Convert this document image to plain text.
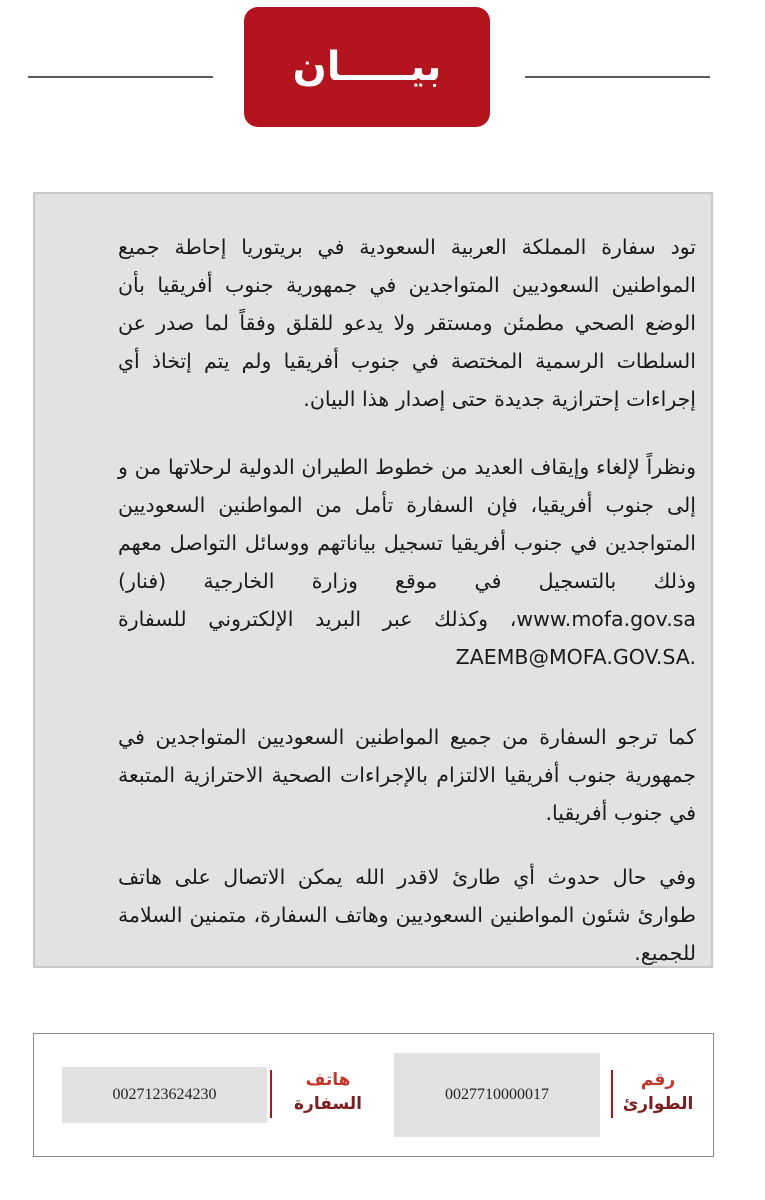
بيـــــان

تود سفارة المملكة العربية السعودية في بريتوريا إحاطة جميع المواطنين السعوديين المتواجدين في جمهورية جنوب أفريقيا بأن الوضع الصحي مطمئن ومستقر ولا يدعو للقلق وفقاً لما صدر عن السلطات الرسمية المختصة في جنوب أفريقيا ولم يتم إتخاذ أي إجراءات إحترازية جديدة حتى إصدار هذا البيان.

ونظراً لإلغاء وإيقاف العديد من خطوط الطيران الدولية لرحلاتها من و إلى جنوب أفريقيا، فإن السفارة تأمل من المواطنين السعوديين المتواجدين في جنوب أفريقيا تسجيل بياناتهم ووسائل التواصل معهم وذلك بالتسجيل في موقع وزارة الخارجية (فنار) www.mofa.gov.sa، وكذلك عبر البريد الإلكتروني للسفارة ZAEMB@MOFA.GOV.SA.

كما ترجو السفارة من جميع المواطنين السعوديين المتواجدين في جمهورية جنوب أفريقيا الالتزام بالإجراءات الصحية الاحترازية المتبعة في جنوب أفريقيا.

وفي حال حدوث أي طارئ لاقدر الله يمكن الاتصال على هاتف طوارئ شئون المواطنين السعوديين وهاتف السفارة، متمنين السلامة للجميع.

رقم
الطوارئ
0027710000017
هاتف
السفارة
0027123624230
